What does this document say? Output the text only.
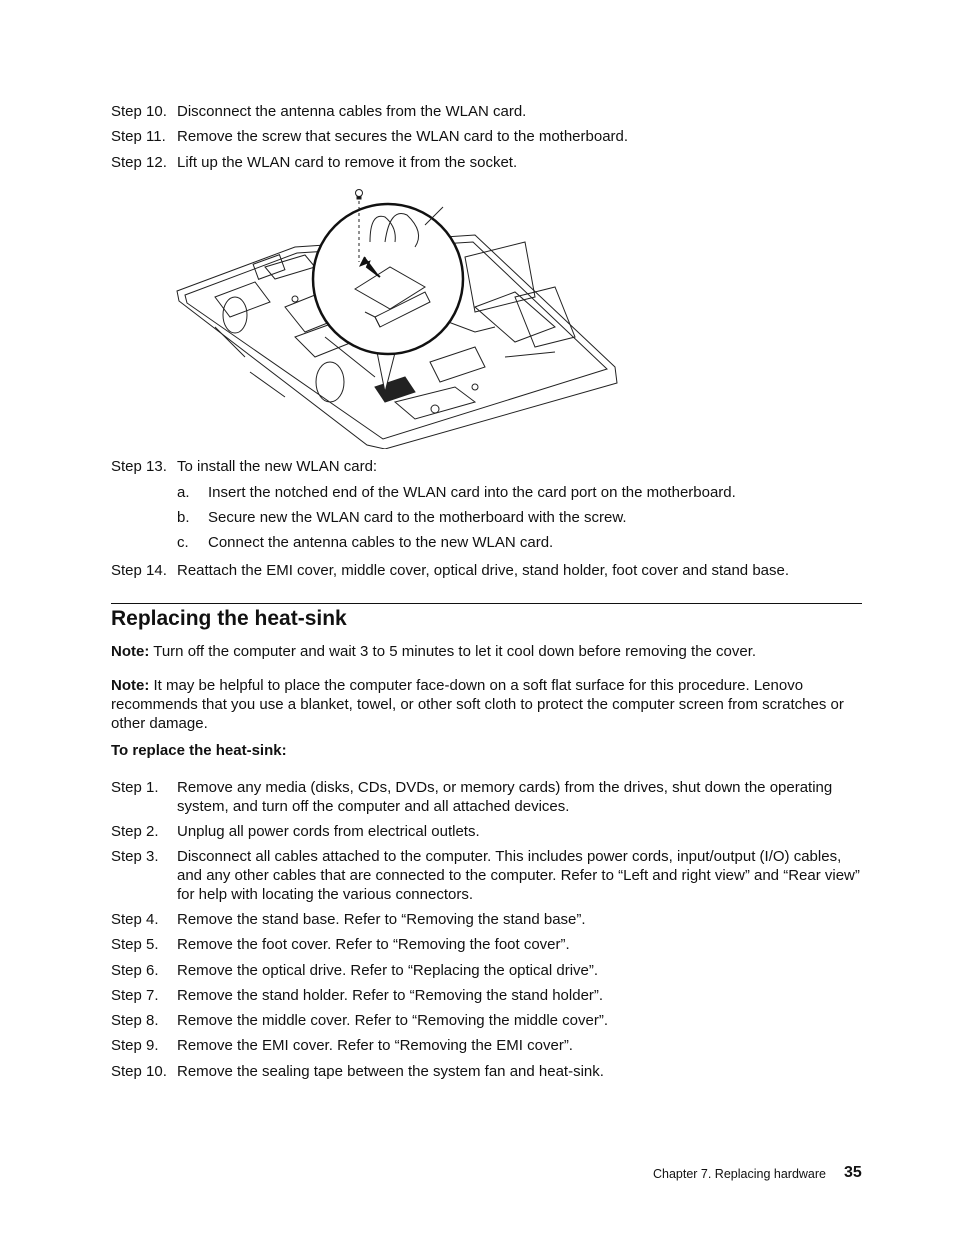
Step 10. Disconnect the antenna cables from the WLAN card.
Step 11. Remove the screw that secures the WLAN card to the motherboard.
Step 12. Lift up the WLAN card to remove it from the socket.
Step 13. To install the new WLAN card:
a.	Insert the notched end of the WLAN card into the card port on the motherboard.
b.	Secure new the WLAN card to the motherboard with the screw.
c.	Connect the antenna cables to the new WLAN card.
Step 14. Reattach the EMI cover, middle cover, optical drive, stand holder, foot cover and stand base.
Replacing the heat-sink
Note: Turn off the computer and wait 3 to 5 minutes to let it cool down before removing the cover.
Note: It may be helpful to place the computer face-down on a soft flat surface for this procedure. Lenovo recommends that you use a blanket, towel, or other soft cloth to protect the computer screen from scratches or other damage.
To replace the heat-sink:
Step 1.	Remove any media (disks, CDs, DVDs, or memory cards) from the drives, shut down the operating system, and turn off the computer and all attached devices.
Step 2.	Unplug all power cords from electrical outlets.
Step 3.	Disconnect all cables attached to the computer. This includes power cords, input/output (I/O) cables, and any other cables that are connected to the computer. Refer to “Left and right view” and “Rear view” for help with locating the various connectors.
Step 4.	Remove the stand base. Refer to “Removing the stand base”.
Step 5.	Remove the foot cover. Refer to “Removing the foot cover”.
Step 6.	Remove the optical drive. Refer to “Replacing the optical drive”.
Step 7.	Remove the stand holder. Refer to “Removing the stand holder”.
Step 8.	Remove the middle cover. Refer to “Removing the middle cover”.
Step 9.	Remove the EMI cover. Refer to “Removing the EMI cover”.
Step 10. Remove the sealing tape between the system fan and heat-sink.
Chapter 7. Replacing hardware 35
